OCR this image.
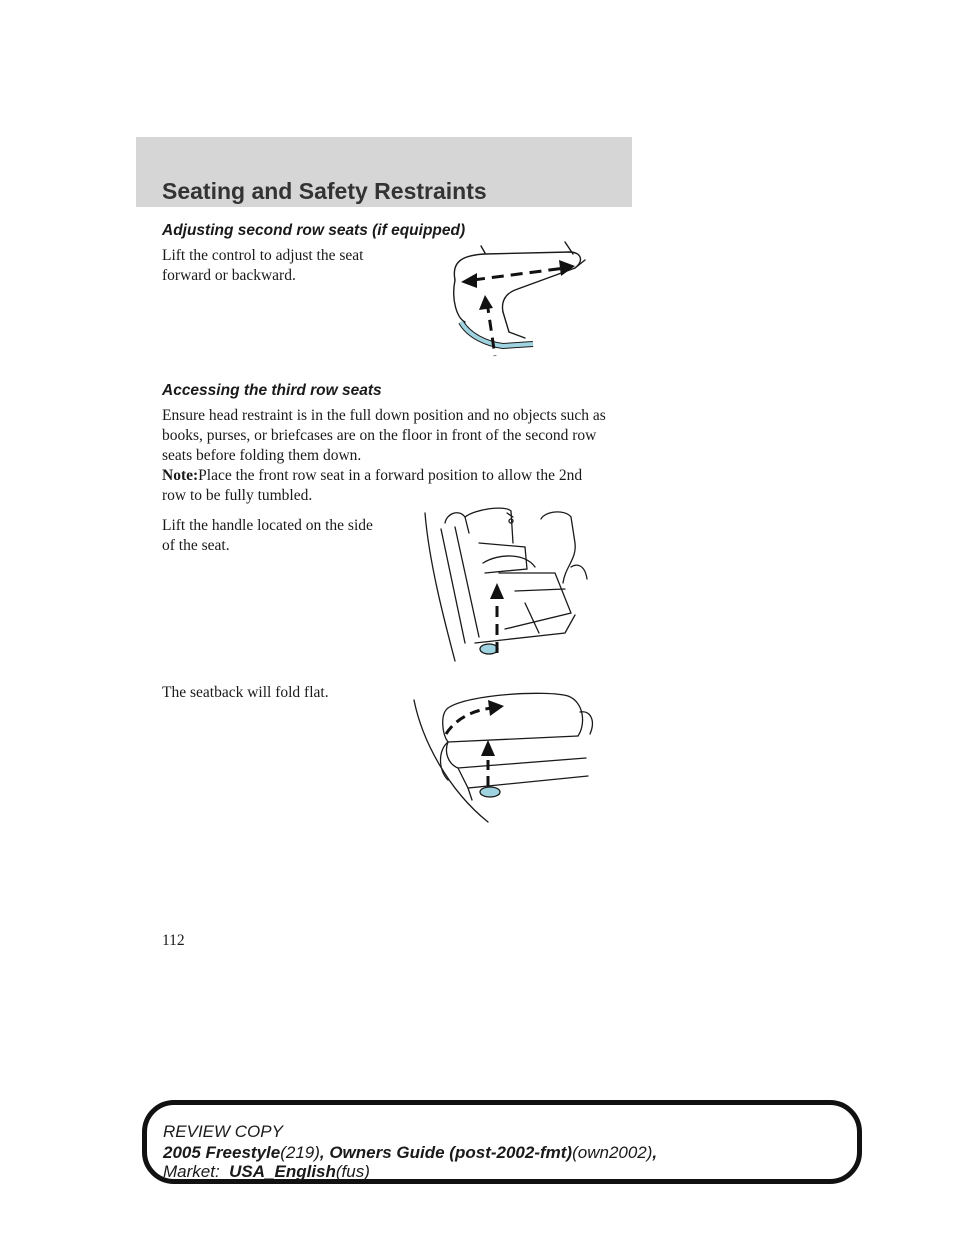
Seating and Safety Restraints
Adjusting second row seats (if equipped)
Lift the control to adjust the seat
forward or backward.
Accessing the third row seats
Ensure head restraint is in the full down position and no objects such as
books, purses, or briefcases are on the floor in front of the second row
seats before folding them down.
Note:Place the front row seat in a forward position to allow the 2nd
row to be fully tumbled.
Lift the handle located on the side
of the seat.
The seatback will fold flat.
112
REVIEW COPY
2005 Freestyle(219), Owners Guide (post-2002-fmt)(own2002),
Market: USA_English(fus)
